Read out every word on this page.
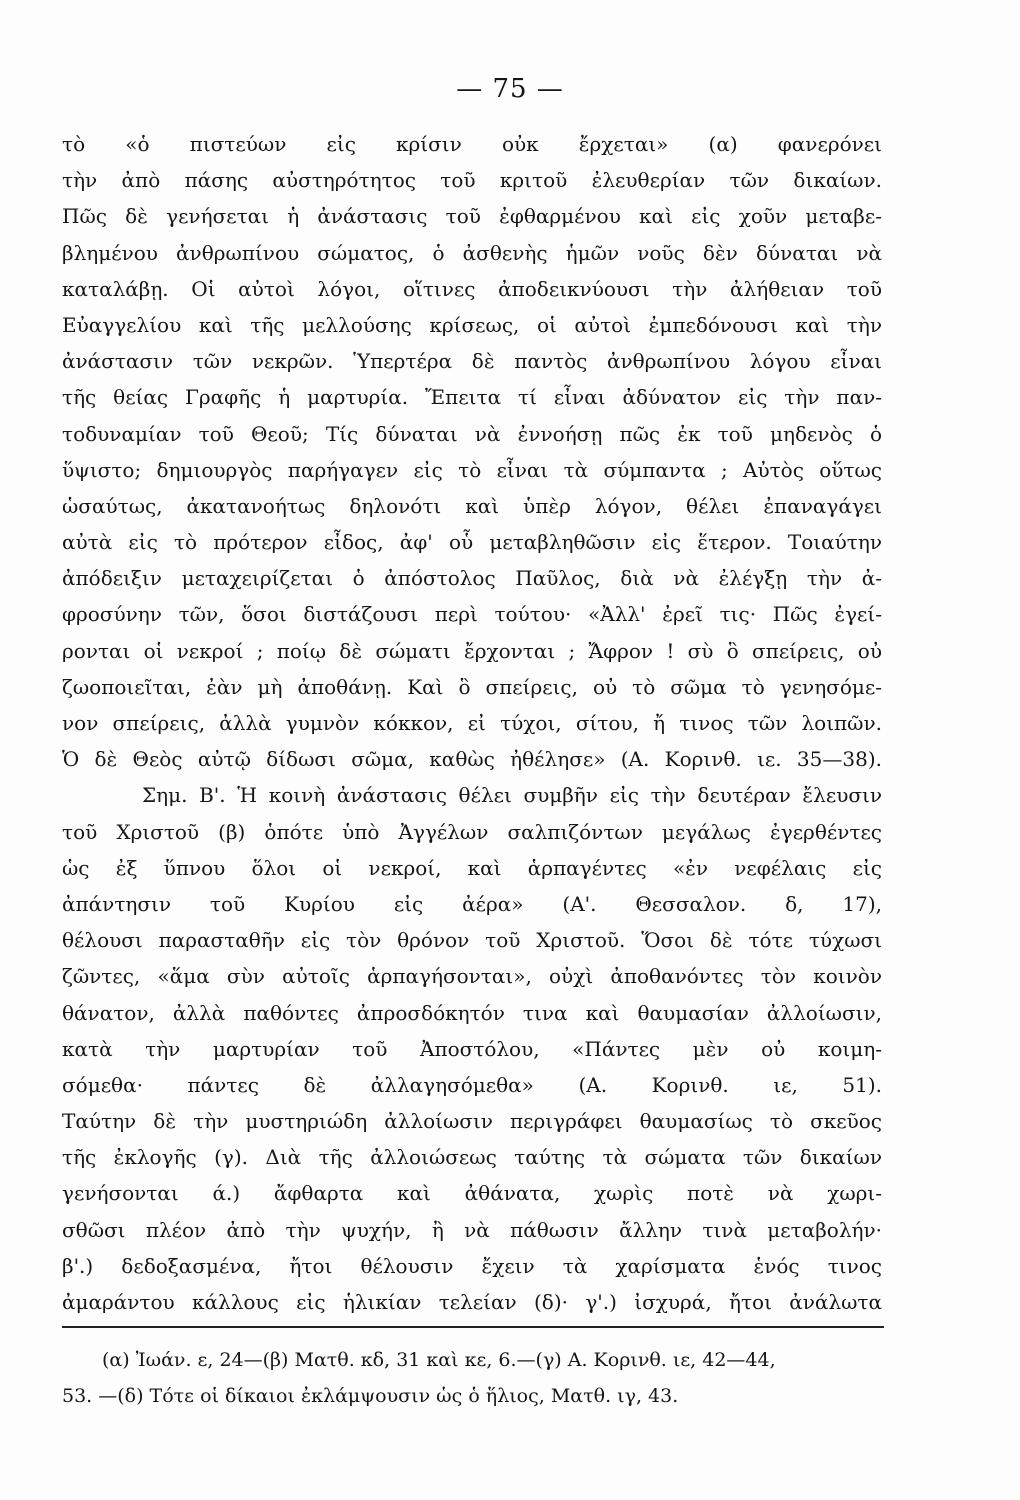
— 75 —
τὸ «ὁ πιστεύων εἰς κρίσιν οὐκ ἔρχεται» (α) φανερόνει
τὴν ἀπὸ πάσης αὐστηρότητος τοῦ κριτοῦ ἐλευθερίαν τῶν δικαίων.
Πῶς δὲ γενήσεται ἡ ἀνάστασις τοῦ ἐφθαρμένου καὶ εἰς χοῦν μεταβε-
βλημένου ἀνθρωπίνου σώματος, ὁ ἀσθενὴς ἡμῶν νοῦς δὲν δύναται νὰ
καταλάβῃ. Οἱ αὐτοὶ λόγοι, οἵτινες ἀποδεικνύουσι τὴν ἀλήθειαν τοῦ
Εὐαγγελίου καὶ τῆς μελλούσης κρίσεως, οἱ αὐτοὶ ἐμπεδόνουσι καὶ τὴν
ἀνάστασιν τῶν νεκρῶν. Ὑπερτέρα δὲ παντὸς ἀνθρωπίνου λόγου εἶναι
τῆς θείας Γραφῆς ἡ μαρτυρία. Ἔπειτα τί εἶναι ἀδύνατον εἰς τὴν παν-
τοδυναμίαν τοῦ Θεοῦ; Τίς δύναται νὰ ἐννοήσῃ πῶς ἐκ τοῦ μηδενὸς ὁ
ὕψιστο; δημιουργὸς παρήγαγεν εἰς τὸ εἶναι τὰ σύμπαντα ; Αὐτὸς οὕτως
ὡσαύτως, ἀκατανοήτως δηλονότι καὶ ὑπὲρ λόγον, θέλει ἐπαναγάγει
αὐτὰ εἰς τὸ πρότερον εἶδος, ἀφ' οὗ μεταβληθῶσιν εἰς ἕτερον. Τοιαύτην
ἀπόδειξιν μεταχειρίζεται ὁ ἀπόστολος Παῦλος, διὰ νὰ ἐλέγξῃ τὴν ἀ-
φροσύνην τῶν, ὅσοι διστάζουσι περὶ τούτου· «Ἀλλ' ἐρεῖ τις· Πῶς ἐγεί-
ρονται οἱ νεκροί ; ποίῳ δὲ σώματι ἔρχονται ; Ἄφρον ! σὺ ὃ σπείρεις, οὐ
ζωοποιεῖται, ἐὰν μὴ ἀποθάνῃ. Καὶ ὃ σπείρεις, οὐ τὸ σῶμα τὸ γενησόμε-
νον σπείρεις, ἀλλὰ γυμνὸν κόκκον, εἰ τύχοι, σίτου, ἤ τινος τῶν λοιπῶν.
Ὁ δὲ Θεὸς αὐτῷ δίδωσι σῶμα, καθὼς ἠθέλησε» (Α. Κορινθ. ιε. 35—38).
Σημ. Β'. Ἡ κοινὴ ἀνάστασις θέλει συμβῆν εἰς τὴν δευτέραν ἔλευσιν
τοῦ Χριστοῦ (β) ὁπότε ὑπὸ Ἀγγέλων σαλπιζόντων μεγάλως ἐγερθέντες
ὡς ἐξ ὕπνου ὅλοι οἱ νεκροί, καὶ ἁρπαγέντες «ἐν νεφέλαις εἰς
ἀπάντησιν τοῦ Κυρίου εἰς ἀέρα» (Α'. Θεσσαλον. δ, 17),
θέλουσι παρασταθῆν εἰς τὸν θρόνον τοῦ Χριστοῦ. Ὅσοι δὲ τότε τύχωσι
ζῶντες, «ἅμα σὺν αὐτοῖς ἁρπαγήσονται», οὐχὶ ἀποθανόντες τὸν κοινὸν
θάνατον, ἀλλὰ παθόντες ἀπροσδόκητόν τινα καὶ θαυμασίαν ἀλλοίωσιν,
κατὰ τὴν μαρτυρίαν τοῦ Ἀποστόλου, «Πάντες μὲν οὐ κοιμη-
σόμεθα· πάντες δὲ ἀλλαγησόμεθα» (Α. Κορινθ. ιε, 51).
Ταύτην δὲ τὴν μυστηριώδη ἀλλοίωσιν περιγράφει θαυμασίως τὸ σκεῦος
τῆς ἐκλογῆς (γ). Διὰ τῆς ἀλλοιώσεως ταύτης τὰ σώματα τῶν δικαίων
γενήσονται ά.) ἄφθαρτα καὶ ἀθάνατα, χωρὶς ποτὲ νὰ χωρι-
σθῶσι πλέον ἀπὸ τὴν ψυχήν, ἢ νὰ πάθωσιν ἄλλην τινὰ μεταβολήν·
β'.) δεδοξασμένα, ἤτοι θέλουσιν ἔχειν τὰ χαρίσματα ἑνός τινος
ἀμαράντου κάλλους εἰς ἡλικίαν τελείαν (δ)· γ'.) ἰσχυρά, ἤτοι ἀνάλωτα
(α) Ἰωάν. ε, 24—(β) Ματθ. κδ, 31 καὶ κε, 6.—(γ) Α. Κορινθ. ιε, 42—44,
53. —(δ) Τότε οἱ δίκαιοι ἐκλάμψουσιν ὡς ὁ ἥλιος, Ματθ. ιγ, 43.
